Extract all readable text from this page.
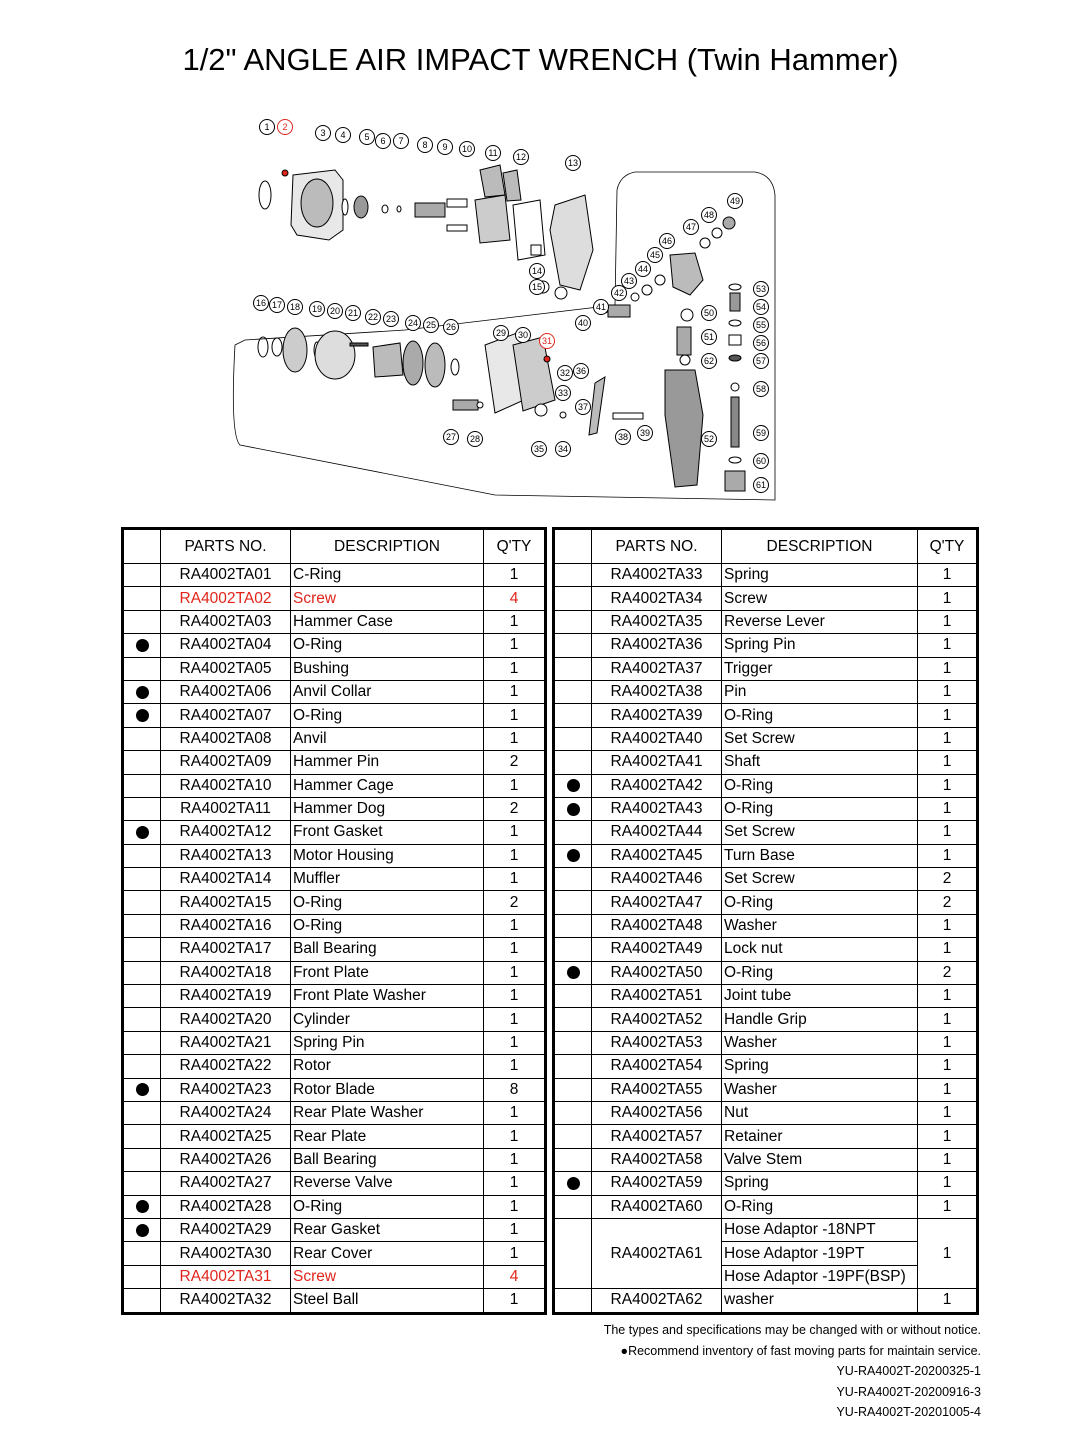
1/2" ANGLE AIR IMPACT WRENCH (Twin Hammer)
1 2
3 4 5 6 7 8 9 10 11 12
13
14
15
16 17 18 19 20 21 22 23 24 25 26
27 28
29 30
31
32
33
34
35
36
37
38 39
40
41
42
43
44
45
46
47
48
49
50
51
52
53
54
55
56
57
58
59
60
61
62
	PARTS NO.	DESCRIPTION	Q'TY
	RA4002TA01	C-Ring	1
	RA4002TA02	Screw	4
	RA4002TA03	Hammer Case	1
	RA4002TA04	O-Ring	1
	RA4002TA05	Bushing	1
	RA4002TA06	Anvil Collar	1
	RA4002TA07	O-Ring	1
	RA4002TA08	Anvil	1
	RA4002TA09	Hammer Pin	2
	RA4002TA10	Hammer Cage	1
	RA4002TA11	Hammer Dog	2
	RA4002TA12	Front Gasket	1
	RA4002TA13	Motor Housing	1
	RA4002TA14	Muffler	1
	RA4002TA15	O-Ring	2
	RA4002TA16	O-Ring	1
	RA4002TA17	Ball Bearing	1
	RA4002TA18	Front Plate	1
	RA4002TA19	Front Plate Washer	1
	RA4002TA20	Cylinder	1
	RA4002TA21	Spring Pin	1
	RA4002TA22	Rotor	1
	RA4002TA23	Rotor Blade	8
	RA4002TA24	Rear Plate Washer	1
	RA4002TA25	Rear Plate	1
	RA4002TA26	Ball Bearing	1
	RA4002TA27	Reverse Valve	1
	RA4002TA28	O-Ring	1
	RA4002TA29	Rear Gasket	1
	RA4002TA30	Rear Cover	1
	RA4002TA31	Screw	4
	RA4002TA32	Steel Ball	1
	PARTS NO.	DESCRIPTION	Q'TY
	RA4002TA33	Spring	1
	RA4002TA34	Screw	1
	RA4002TA35	Reverse Lever	1
	RA4002TA36	Spring Pin	1
	RA4002TA37	Trigger	1
	RA4002TA38	Pin	1
	RA4002TA39	O-Ring	1
	RA4002TA40	Set Screw	1
	RA4002TA41	Shaft	1
	RA4002TA42	O-Ring	1
	RA4002TA43	O-Ring	1
	RA4002TA44	Set Screw	1
	RA4002TA45	Turn Base	1
	RA4002TA46	Set Screw	2
	RA4002TA47	O-Ring	2
	RA4002TA48	Washer	1
	RA4002TA49	Lock nut	1
	RA4002TA50	O-Ring	2
	RA4002TA51	Joint tube	1
	RA4002TA52	Handle Grip	1
	RA4002TA53	Washer	1
	RA4002TA54	Spring	1
	RA4002TA55	Washer	1
	RA4002TA56	Nut	1
	RA4002TA57	Retainer	1
	RA4002TA58	Valve Stem	1
	RA4002TA59	Spring	1
	RA4002TA60	O-Ring	1
	RA4002TA61	Hose Adaptor -18NPT	1
		Hose Adaptor -19PT	
		Hose Adaptor -19PF(BSP)	
	RA4002TA62	washer	1
The types and specifications may be changed with or without notice.
●Recommend inventory of fast moving parts for maintain service.
YU-RA4002T-20200325-1
YU-RA4002T-20200916-3
YU-RA4002T-20201005-4
